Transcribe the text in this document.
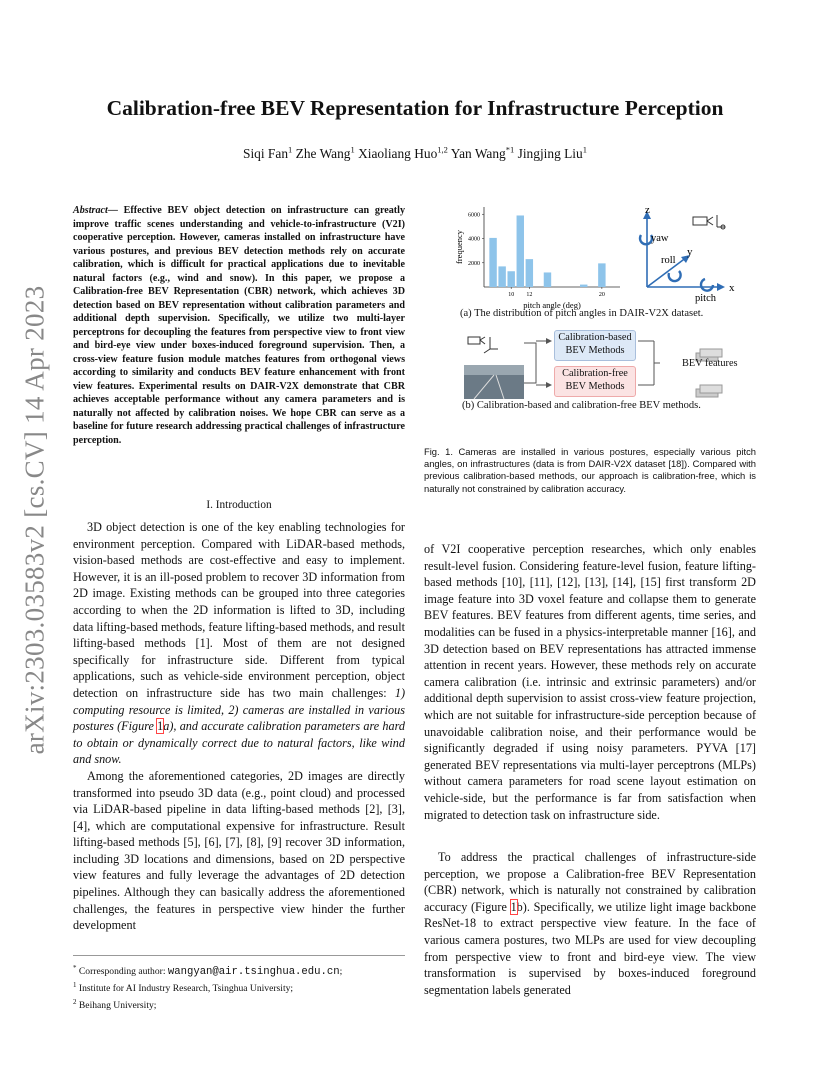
arXiv:2303.03583v2 [cs.CV] 14 Apr 2023
Calibration-free BEV Representation for Infrastructure Perception
Siqi Fan$^1$ Zhe Wang$^1$ Xiaoliang Huo$^{1,2}$ Yan Wang$^{*1}$ Jingjing Liu$^1$
Abstract— Effective BEV object detection on infrastructure can greatly improve traffic scenes understanding and vehicle-to-infrastructure (V2I) cooperative perception. However, cameras installed on infrastructure have various postures, and previous BEV detection methods rely on accurate calibration, which is difficult for practical applications due to inevitable natural factors (e.g., wind and snow). In this paper, we propose a Calibration-free BEV Representation (CBR) network, which achieves 3D detection based on BEV representation without calibration parameters and additional depth supervision. Specifically, we utilize two multi-layer perceptrons for decoupling the features from perspective view to front view and bird-eye view under boxes-induced foreground supervision. Then, a cross-view feature fusion module matches features from orthogonal views according to similarity and conducts BEV feature enhancement with front view features. Experimental results on DAIR-V2X demonstrate that CBR achieves acceptable performance without any camera parameters and is naturally not affected by calibration noises. We hope CBR can serve as a baseline for future research addressing practical challenges of infrastructure perception.
I. Introduction

3D object detection is one of the key enabling technologies for environment perception. Compared with LiDAR-based methods, vision-based methods are cost-effective and easy to implement. However, it is an ill-posed problem to recover 3D information from 2D image. Existing methods can be grouped into three categories according to when the 2D information is lifted to 3D, including data lifting-based methods, feature lifting-based methods, and result lifting-based methods [1]. Most of them are not designed specifically for infrastructure side. Different from typical applications, such as vehicle-side environment perception, object detection on infrastructure side has two main challenges: 1) computing resource is limited, 2) cameras are installed in various postures (Figure 1a), and accurate calibration parameters are hard to obtain or dynamically correct due to natural factors, like wind and snow.

Among the aforementioned categories, 2D images are directly transformed into pseudo 3D data (e.g., point cloud) and processed via LiDAR-based pipeline in data lifting-based methods [2], [3], [4], which are computational expensive for infrastructure. Result lifting-based methods [5], [6], [7], [8], [9] recover 3D information, including 3D locations and dimensions, based on 2D perspective view features and fully leverage the advantages of 2D detection pipelines. Although they can basically address the aforementioned challenges, the features in perspective view hinder the further development

of V2I cooperative perception researches, which only enables result-level fusion. Considering feature-level fusion, feature lifting-based methods [10], [11], [12], [13], [14], [15] first transform 2D image feature into 3D voxel feature and collapse them to generate BEV features. BEV features from different agents, time series, and modalities can be fused in a physics-interpretable manner [16], and 3D detection based on BEV representations has attracted immense attention in recent years. However, these methods rely on accurate camera calibration (i.e. intrinsic and extrinsic parameters) and/or additional depth supervision to assist cross-view feature projection, which are not suitable for infrastructure-side perception because of unavoidable calibration noise, and their performance would be significantly degraded if using noisy parameters. PYVA [17] generated BEV representations via multi-layer perceptrons (MLPs) without camera parameters for road scene layout estimation on vehicle-side, but the performance is far from satisfaction when migrated to detection task on infrastructure side.

To address the practical challenges of infrastructure-side perception, we propose a Calibration-free BEV Representation (CBR) network, which is naturally not constrained by calibration accuracy (Figure 1b). Specifically, we utilize light image backbone ResNet-18 to extract perspective view feature. In the face of various camera postures, two MLPs are used for view decoupling from perspective view to front and bird-eye view. The view transformation is supervised by boxes-induced foreground segmentation labels generated

* Corresponding author: wangyan@air.tsinghua.edu.cn;
$^1$ Institute for AI Industry Research, Tsinghua University;
$^2$ Beihang University;
10 12	20
2000
4000
6000
pitch angle (deg)
frequency
z
y
x
yaw
roll
pitch
(a) The distribution of pitch angles in DAIR-V2X dataset.
Calibration-based
BEV Methods
Calibration-free
BEV Methods
BEV features
(b) Calibration-based and calibration-free BEV methods.
Fig. 1. Cameras are installed in various postures, especially various pitch angles, on infrastructures (data is from DAIR-V2X dataset [18]). Compared with previous calibration-based methods, our approach is calibration-free, which is naturally not constrained by calibration accuracy.
